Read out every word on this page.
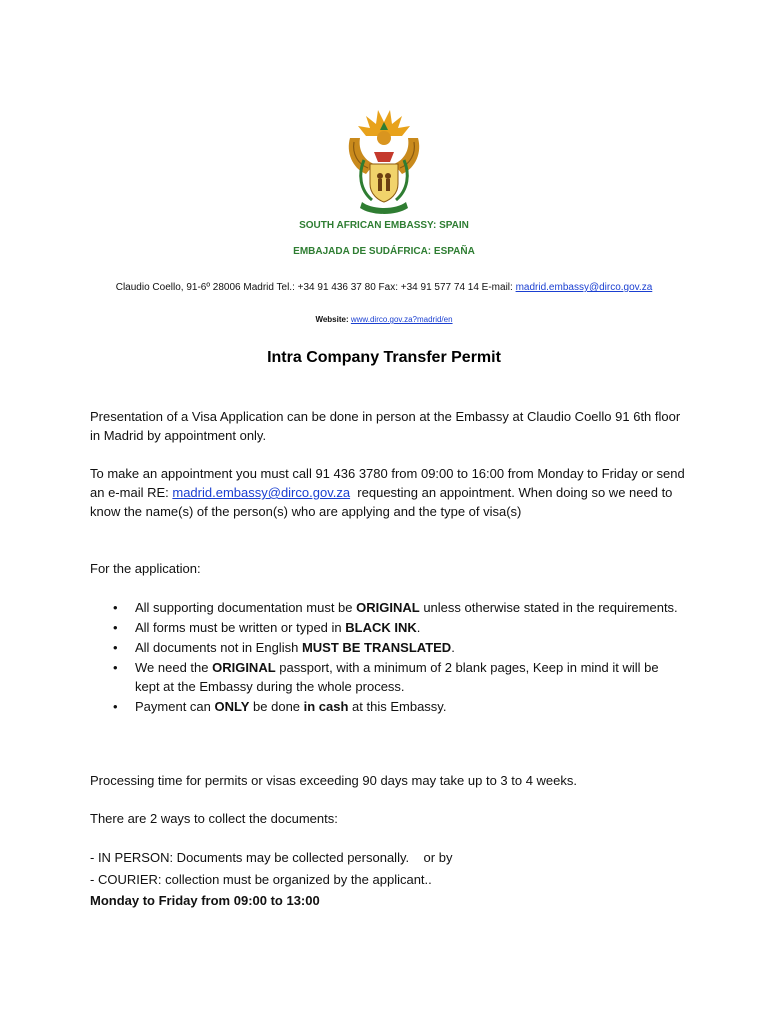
SOUTH AFRICAN EMBASSY: SPAIN
EMBAJADA DE SUDÁFRICA: ESPAÑA
Claudio Coello, 91-6º 28006 Madrid Tel.: +34 91 436 37 80 Fax: +34 91 577 74 14 E-mail: madrid.embassy@dirco.gov.za
Website: www.dirco.gov.za?madrid/en
Intra Company Transfer Permit
Presentation of a Visa Application can be done in person at the Embassy at Claudio Coello 91 6th floor in Madrid by appointment only.
To make an appointment you must call 91 436 3780 from 09:00 to 16:00 from Monday to Friday or send an e-mail RE: madrid.embassy@dirco.gov.za  requesting an appointment. When doing so we need to know the name(s) of the person(s) who are applying and the type of visa(s)
For the application:
• All supporting documentation must be ORIGINAL unless otherwise stated in the requirements.
• All forms must be written or typed in BLACK INK.
• All documents not in English MUST BE TRANSLATED.
• We need the ORIGINAL passport, with a minimum of 2 blank pages, Keep in mind it will be kept at the Embassy during the whole process.
• Payment can ONLY be done in cash at this Embassy.
Processing time for permits or visas exceeding 90 days may take up to 3 to 4 weeks.
There are 2 ways to collect the documents:
- IN PERSON: Documents may be collected personally.    or by
- COURIER: collection must be organized by the applicant..
Monday to Friday from 09:00 to 13:00
